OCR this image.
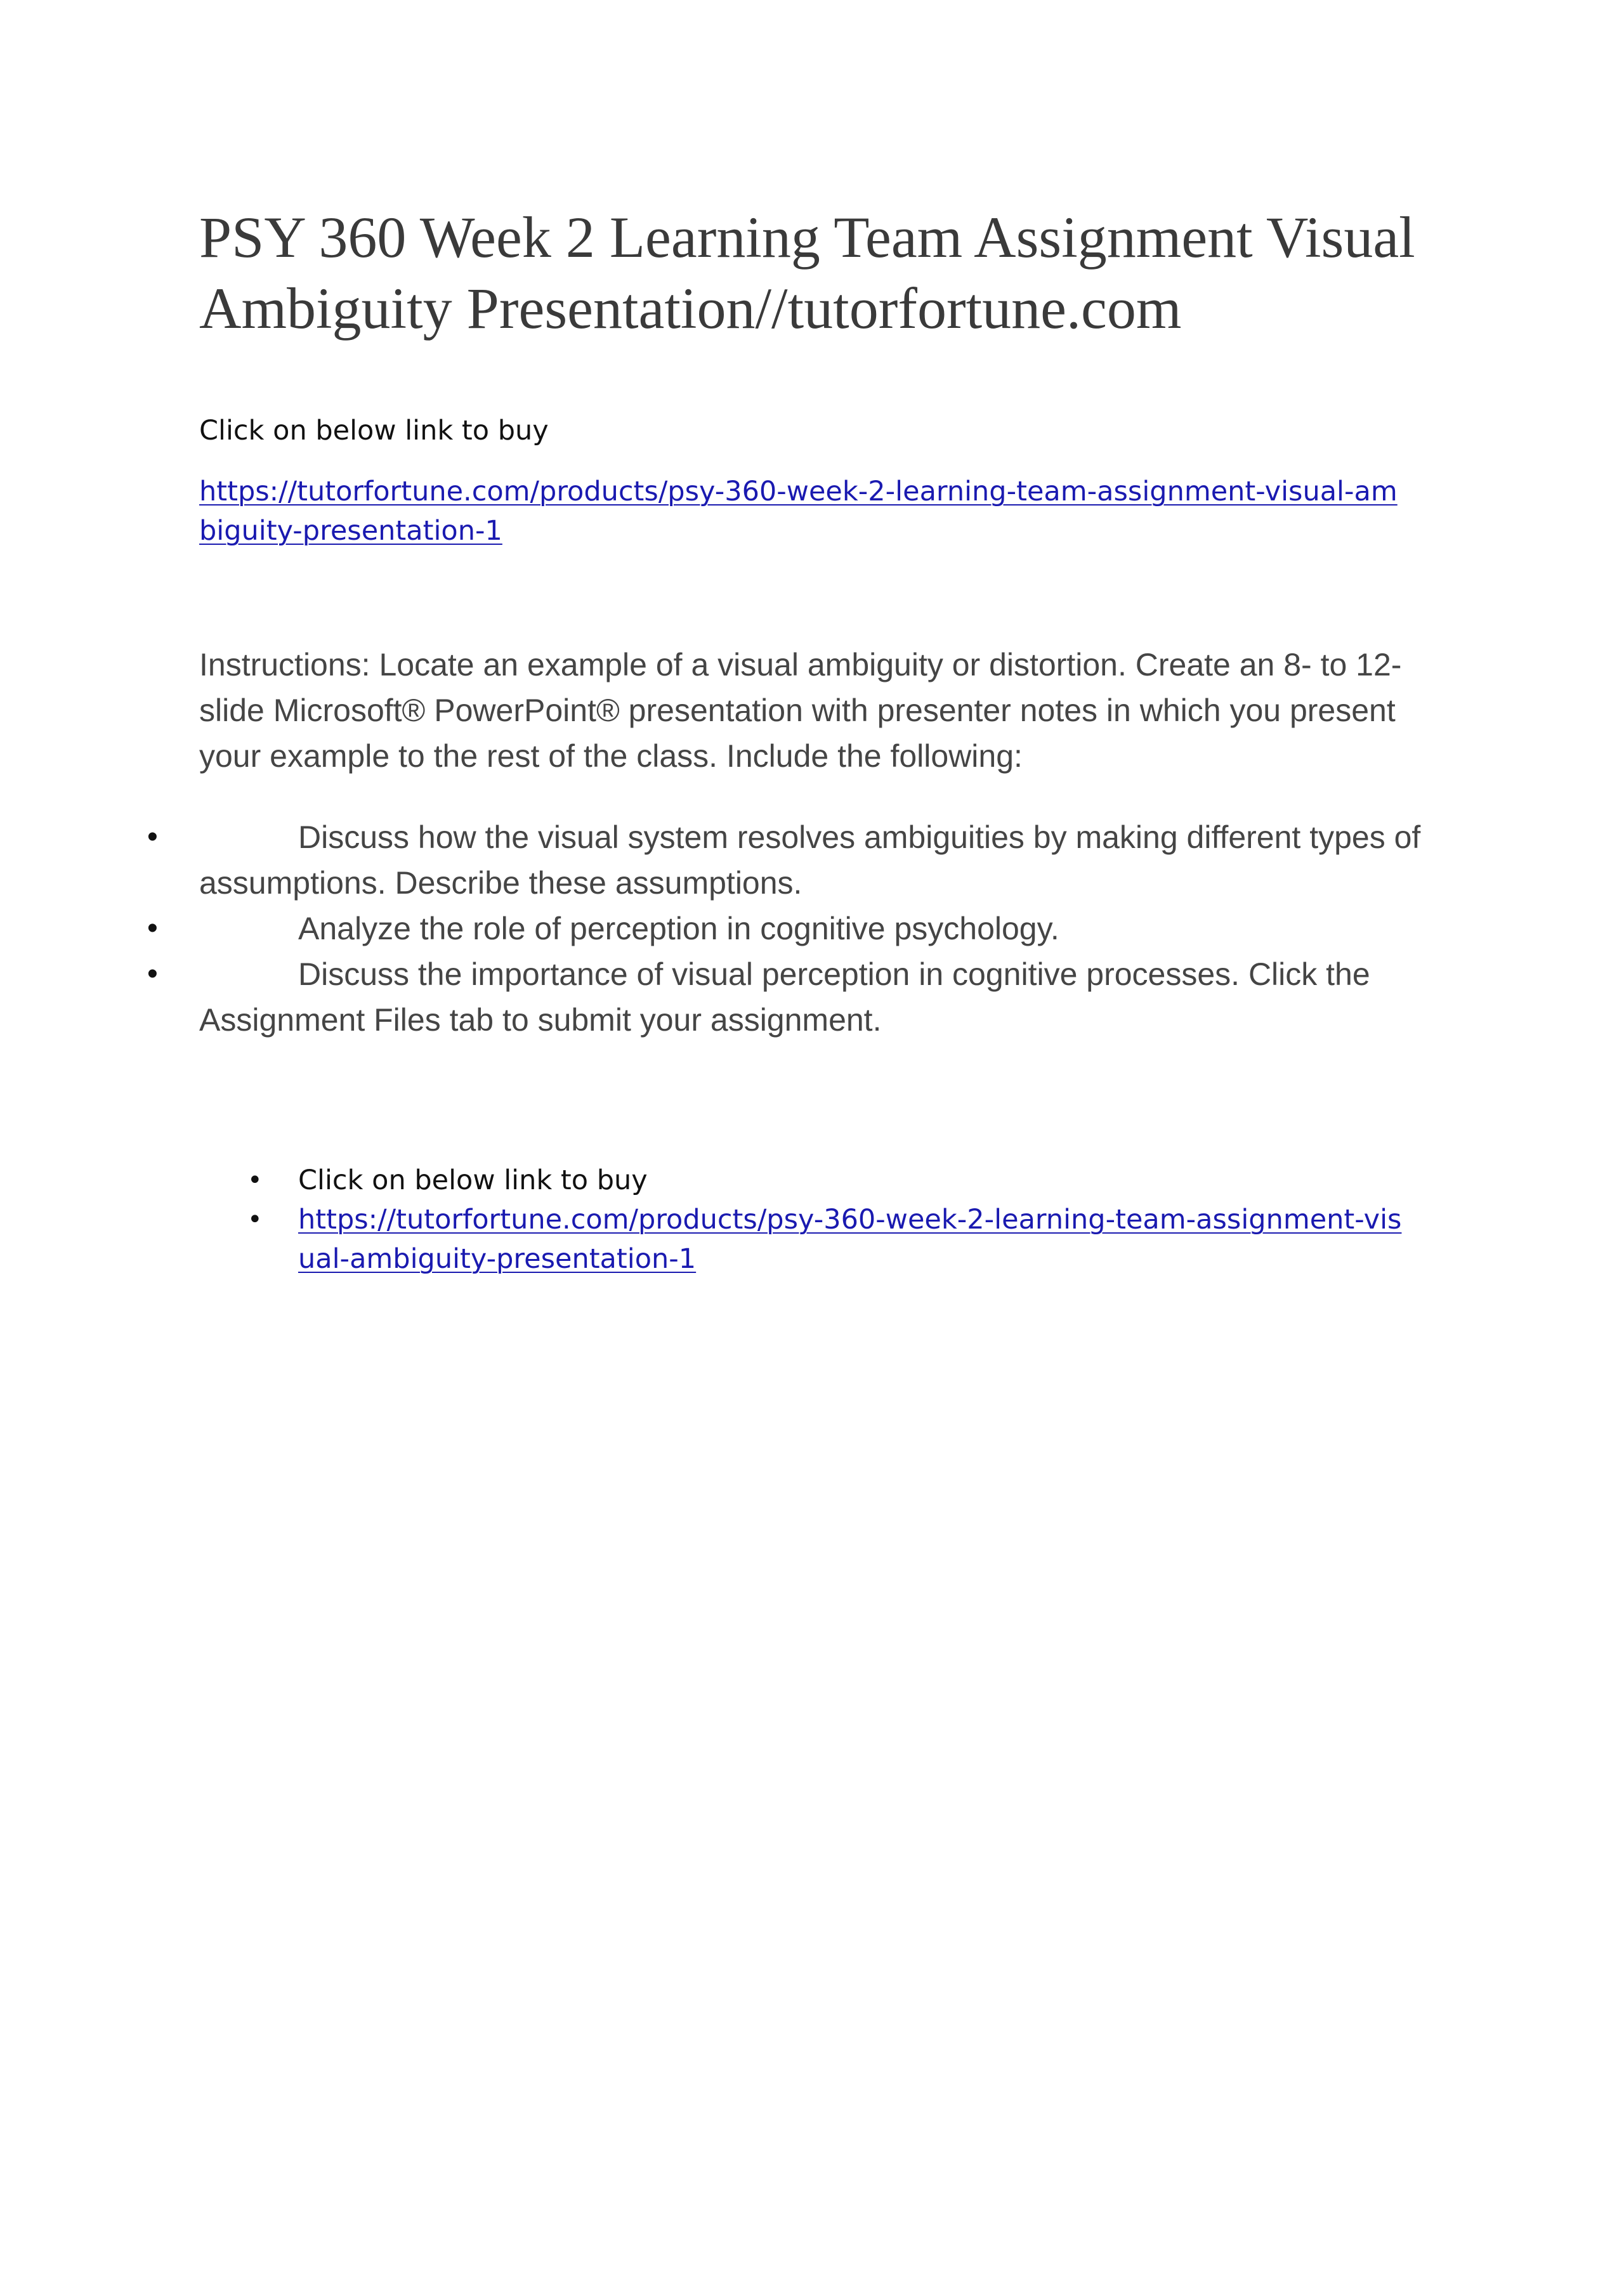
PSY 360 Week 2 Learning Team Assignment Visual Ambiguity Presentation//tutorfortune.com

Click on below link to buy

https://tutorfortune.com/products/psy-360-week-2-learning-team-assignment-visual-ambiguity-presentation-1

Instructions: Locate an example of a visual ambiguity or distortion. Create an 8- to 12-slide Microsoft® PowerPoint® presentation with presenter notes in which you present your example to the rest of the class. Include the following:

•	Discuss how the visual system resolves ambiguities by making different types of assumptions. Describe these assumptions.
•	Analyze the role of perception in cognitive psychology.
•	Discuss the importance of visual perception in cognitive processes. Click the Assignment Files tab to submit your assignment.
• Click on below link to buy
• https://tutorfortune.com/products/psy-360-week-2-learning-team-assignment-visual-ambiguity-presentation-1
